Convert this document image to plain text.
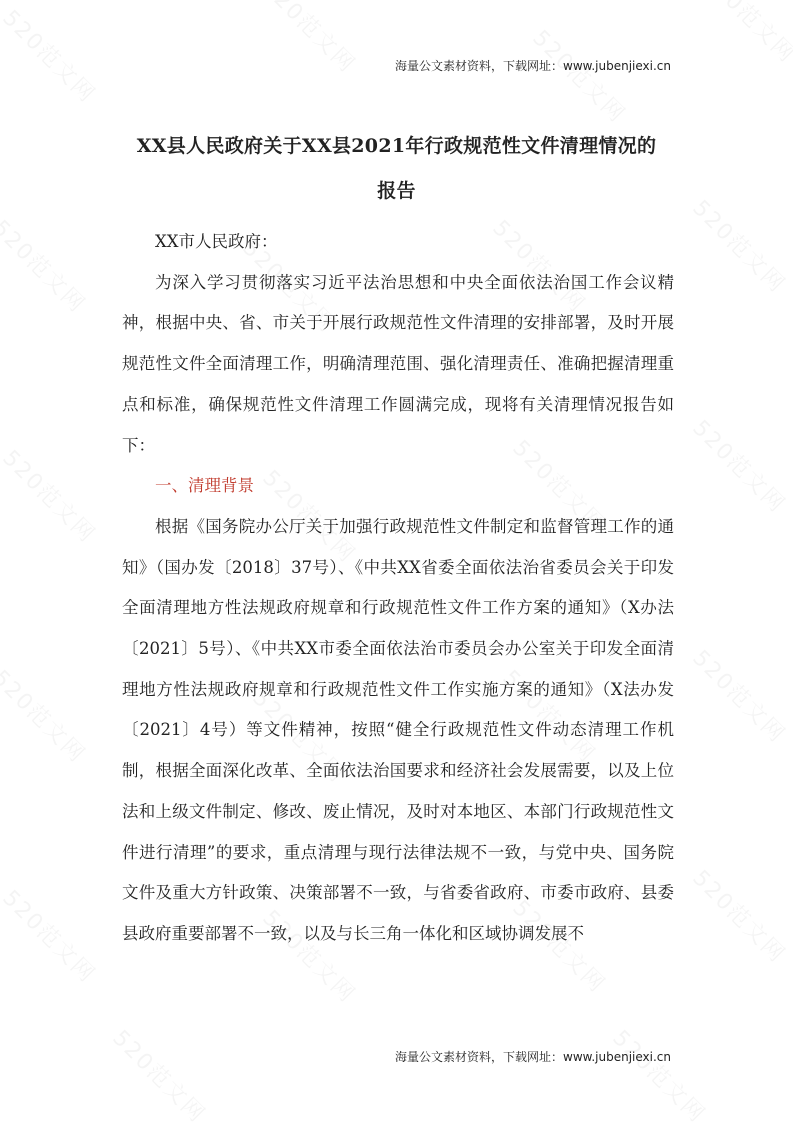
海量公文素材资料，下载网址：www.jubenjiexi.cn
XX县人民政府关于XX县2021年行政规范性文件清理情况的
报告

XX市人民政府：

为深入学习贯彻落实习近平法治思想和中央全面依法治国工作会议精神，根据中央、省、市关于开展行政规范性文件清理的安排部署，及时开展规范性文件全面清理工作，明确清理范围、强化清理责任、准确把握清理重点和标准，确保规范性文件清理工作圆满完成，现将有关清理情况报告如下：

一、清理背景

根据《国务院办公厅关于加强行政规范性文件制定和监督管理工作的通知》（国办发〔2018〕37号）、《中共XX省委全面依法治省委员会关于印发全面清理地方性法规政府规章和行政规范性文件工作方案的通知》（X办法〔2021〕5号）、《中共XX市委全面依法治市委员会办公室关于印发全面清理地方性法规政府规章和行政规范性文件工作实施方案的通知》（X法办发〔2021〕4号）等文件精神，按照“健全行政规范性文件动态清理工作机制，根据全面深化改革、全面依法治国要求和经济社会发展需要，以及上位法和上级文件制定、修改、废止情况，及时对本地区、本部门行政规范性文件进行清理”的要求，重点清理与现行法律法规不一致，与党中央、国务院文件及重大方针政策、决策部署不一致，与省委省政府、市委市政府、县委县政府重要部署不一致，以及与长三角一体化和区域协调发展不

海量公文素材资料，下载网址：www.jubenjiexi.cn
